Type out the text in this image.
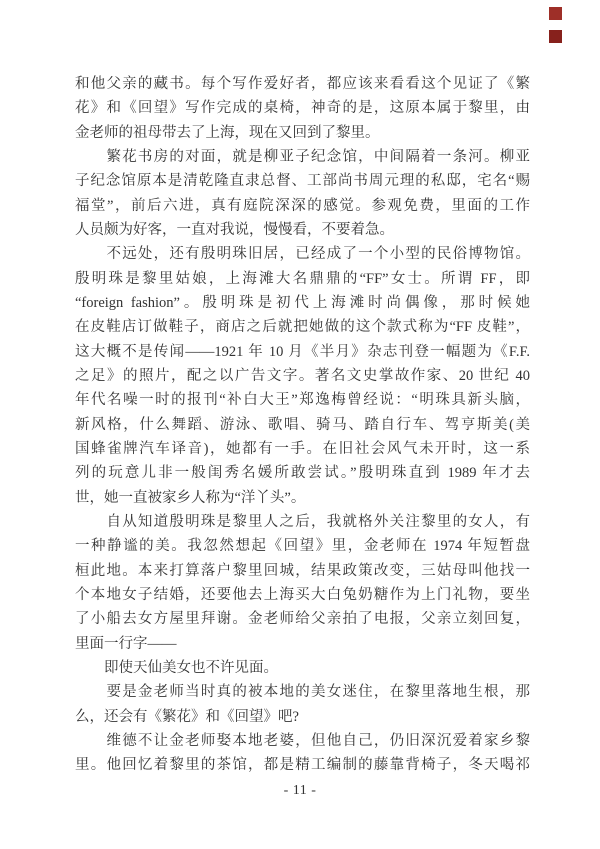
和他父亲的藏书。每个写作爱好者，都应该来看看这个见证了《繁
花》和《回望》写作完成的桌椅，神奇的是，这原本属于黎里，由
金老师的祖母带去了上海，现在又回到了黎里。
　　繁花书房的对面，就是柳亚子纪念馆，中间隔着一条河。柳亚
子纪念馆原本是清乾隆直隶总督、工部尚书周元理的私邸，宅名“赐
福堂”，前后六进，真有庭院深深的感觉。参观免费，里面的工作
人员颇为好客，一直对我说，慢慢看，不要着急。
　　不远处，还有殷明珠旧居，已经成了一个小型的民俗博物馆。
殷明珠是黎里姑娘，上海滩大名鼎鼎的“FF”女士。所谓 FF，即
“foreign fashion”。殷明珠是初代上海滩时尚偶像，那时候她
在皮鞋店订做鞋子，商店之后就把她做的这个款式称为“FF 皮鞋”，
这大概不是传闻——1921 年 10 月《半月》杂志刊登一幅题为《F.F.
之足》的照片，配之以广告文字。著名文史掌故作家、20 世纪 40
年代名噪一时的报刊“补白大王”郑逸梅曾经说：“明珠具新头脑，
新风格，什么舞蹈、游泳、歌唱、骑马、踏自行车、驾亨斯美(美
国蜂雀牌汽车译音)，她都有一手。在旧社会风气未开时，这一系
列的玩意儿非一般闺秀名媛所敢尝试。”殷明珠直到 1989 年才去
世，她一直被家乡人称为“洋丫头”。
　　自从知道殷明珠是黎里人之后，我就格外关注黎里的女人，有
一种静谧的美。我忽然想起《回望》里，金老师在 1974 年短暂盘
桓此地。本来打算落户黎里回城，结果政策改变，三姑母叫他找一
个本地女子结婚，还要他去上海买大白兔奶糖作为上门礼物，要坐
了小船去女方屋里拜谢。金老师给父亲拍了电报，父亲立刻回复，
里面一行字——
　　即使天仙美女也不许见面。
　　要是金老师当时真的被本地的美女迷住，在黎里落地生根，那
么，还会有《繁花》和《回望》吧?
　　维德不让金老师娶本地老婆，但他自己，仍旧深沉爱着家乡黎
里。他回忆着黎里的茶馆，都是精工编制的藤靠背椅子，冬天喝祁
- 11 -
